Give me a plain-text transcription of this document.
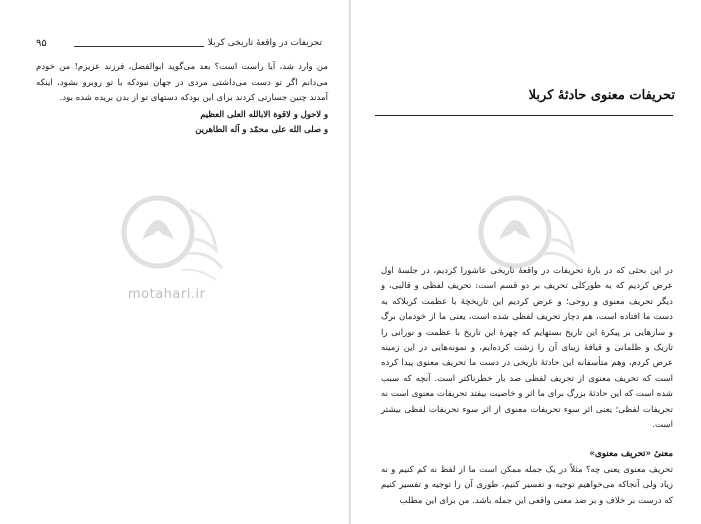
۹۵	تحریفات در واقعهٔ تاریخی کربلا

من وارد شد، آیا راست است؟ بعد می‌گوید ابوالفضل، فرزند عزیزم! من خودم می‌دانم اگر تو دست می‌داشتی مردی در جهان نبودکه با تو روبرو بشود، اینکه آمدند چنین جسارتی کردند برای این بودکه دستهای تو از بدن بریده شده بود.

و لاحول و لاقوة الابالله العلی العظیم

و صلی الله علی محمّد و آله الطاهرین

motahari.ir
تحریفات معنوی حادثهٔ کربلا

در این بحثی که در بارهٔ تحریفات در واقعهٔ تاریخی عاشورا کردیم، در جلسهٔ اول عرض کردیم که به طورکلی تحریف بر دو قسم است: تحریف لفظی و قالبی، و دیگر تحریف معنوی و روحی؛ و عرض کردیم این تاریخچهٔ با عظمت کربلاکه به دست ما افتاده است، هم دچار تحریف لفظی شده است، یعنی ما از خودمان برگ و سازهایی بر پیکرهٔ این تاریخ بستهایم که چهرهٔ این تاریخ با عظمت و نورانی را تاریک و ظلمانی و قیافهٔ زیبای آن را زشت کرده‌ایم، و نمونه‌هایی در این زمینه عرض کردم، وهم متأسفانه این حادثهٔ تاریخی در دست ما تحریف معنوی پیدا کرده است که تحریف معنوی از تحریف لفظی صد بار خطرناکتر است. آنچه که سبب شده است که این حادثهٔ بزرگ برای ما اثر و خاصیت بیفتد تحریفات معنوی است نه تحریفات لفظی؛ یعنی اثر سوء تحریفات معنوی از اثر سوء تحریفات لفظی بیشتر است.

معنیٔ «تحریف معنوی»

تحریف معنوی یعنی چه؟ مثلاً در یک جمله ممکن است ما از لفظ نه کم کنیم و نه زیاد ولی آنجاکه می‌خواهیم توجیه و تفسیر کنیم، طوری آن را توجیه و تفسیر کنیم که درست بر خلاف و بر ضد معنی واقعی این جمله باشد. من برای این مطلب
